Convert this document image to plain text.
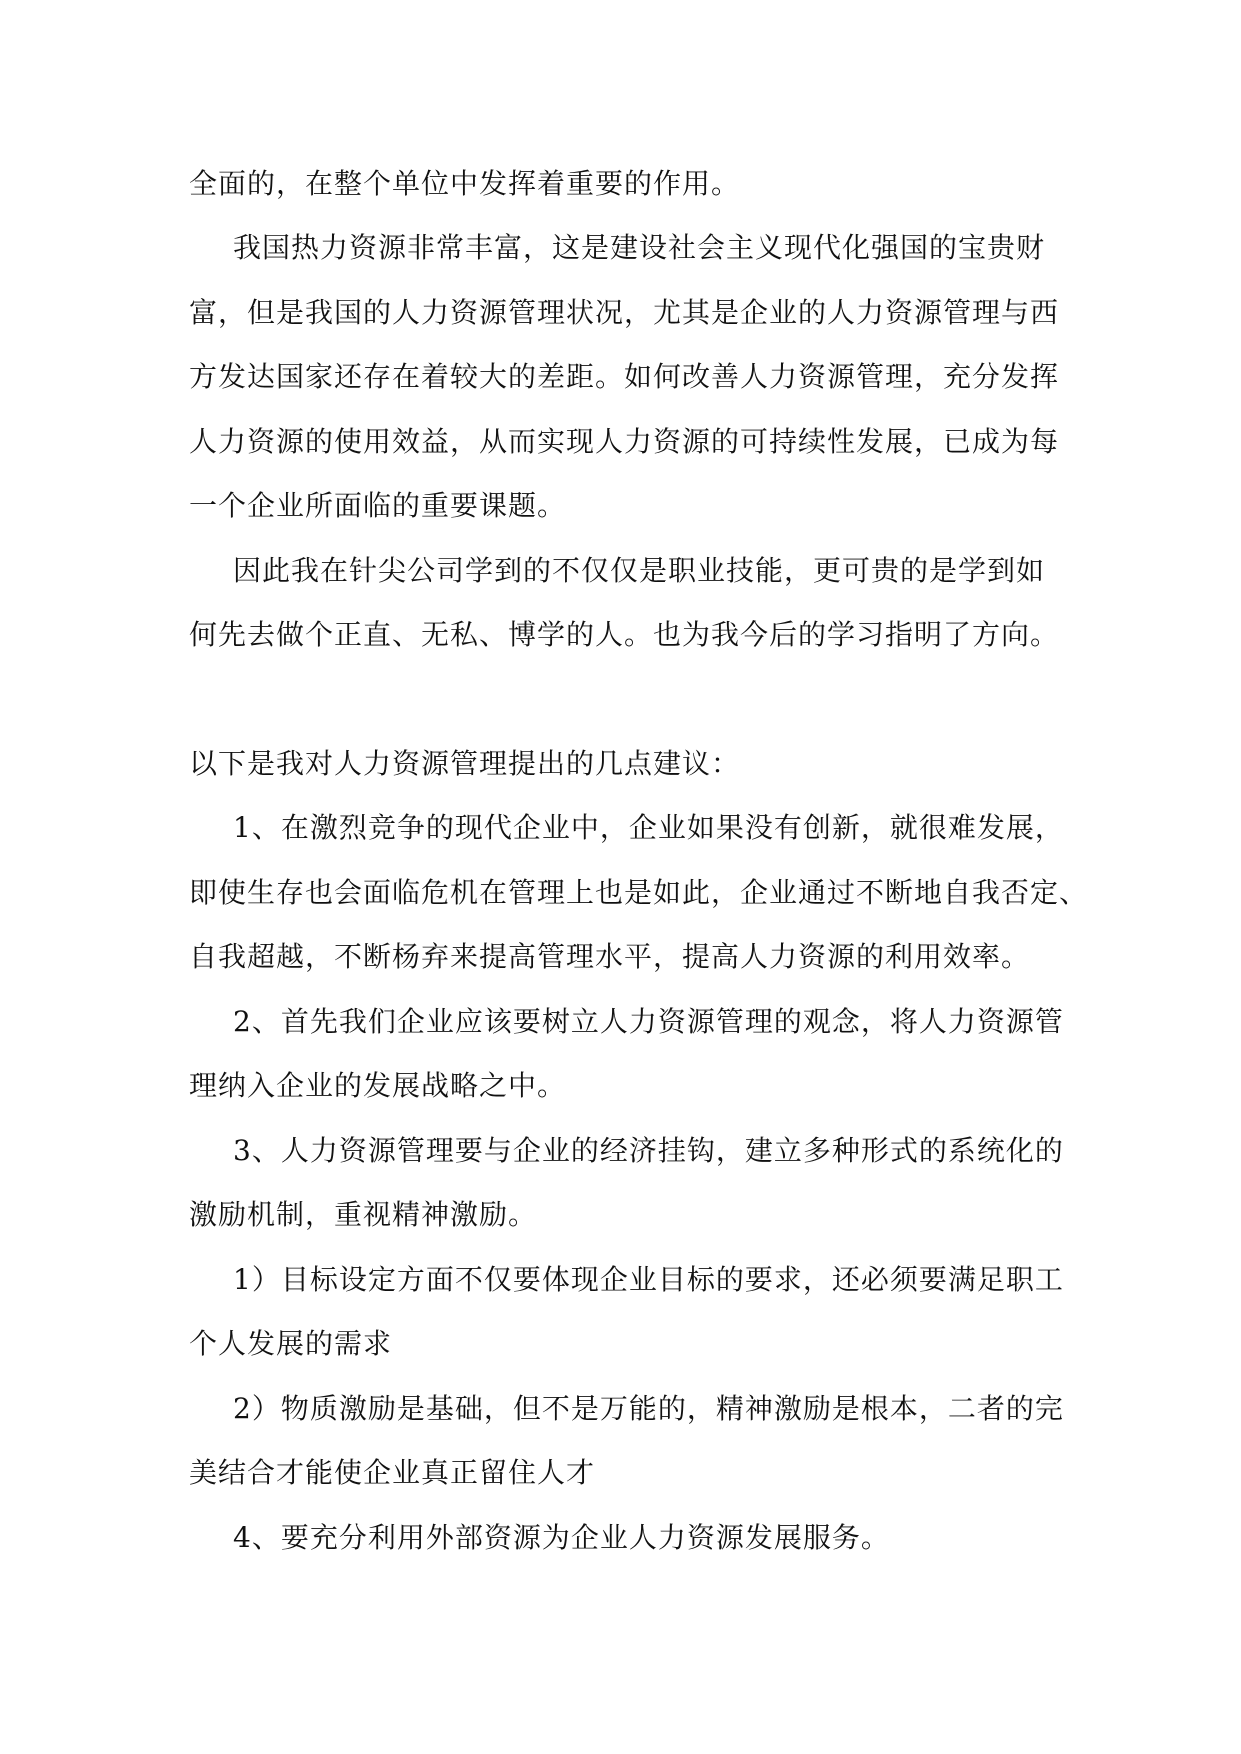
全面的，在整个单位中发挥着重要的作用。
我国热力资源非常丰富，这是建设社会主义现代化强国的宝贵财
富，但是我国的人力资源管理状况，尤其是企业的人力资源管理与西
方发达国家还存在着较大的差距。如何改善人力资源管理，充分发挥
人力资源的使用效益，从而实现人力资源的可持续性发展，已成为每
一个企业所面临的重要课题。
因此我在针尖公司学到的不仅仅是职业技能，更可贵的是学到如
何先去做个正直、无私、博学的人。也为我今后的学习指明了方向。
以下是我对人力资源管理提出的几点建议：
1、在激烈竞争的现代企业中，企业如果没有创新，就很难发展，
即使生存也会面临危机在管理上也是如此，企业通过不断地自我否定、
自我超越，不断杨弃来提高管理水平，提高人力资源的利用效率。
2、首先我们企业应该要树立人力资源管理的观念，将人力资源管
理纳入企业的发展战略之中。
3、人力资源管理要与企业的经济挂钩，建立多种形式的系统化的
激励机制，重视精神激励。
1）目标设定方面不仅要体现企业目标的要求，还必须要满足职工
个人发展的需求
2）物质激励是基础，但不是万能的，精神激励是根本，二者的完
美结合才能使企业真正留住人才
4、要充分利用外部资源为企业人力资源发展服务。
